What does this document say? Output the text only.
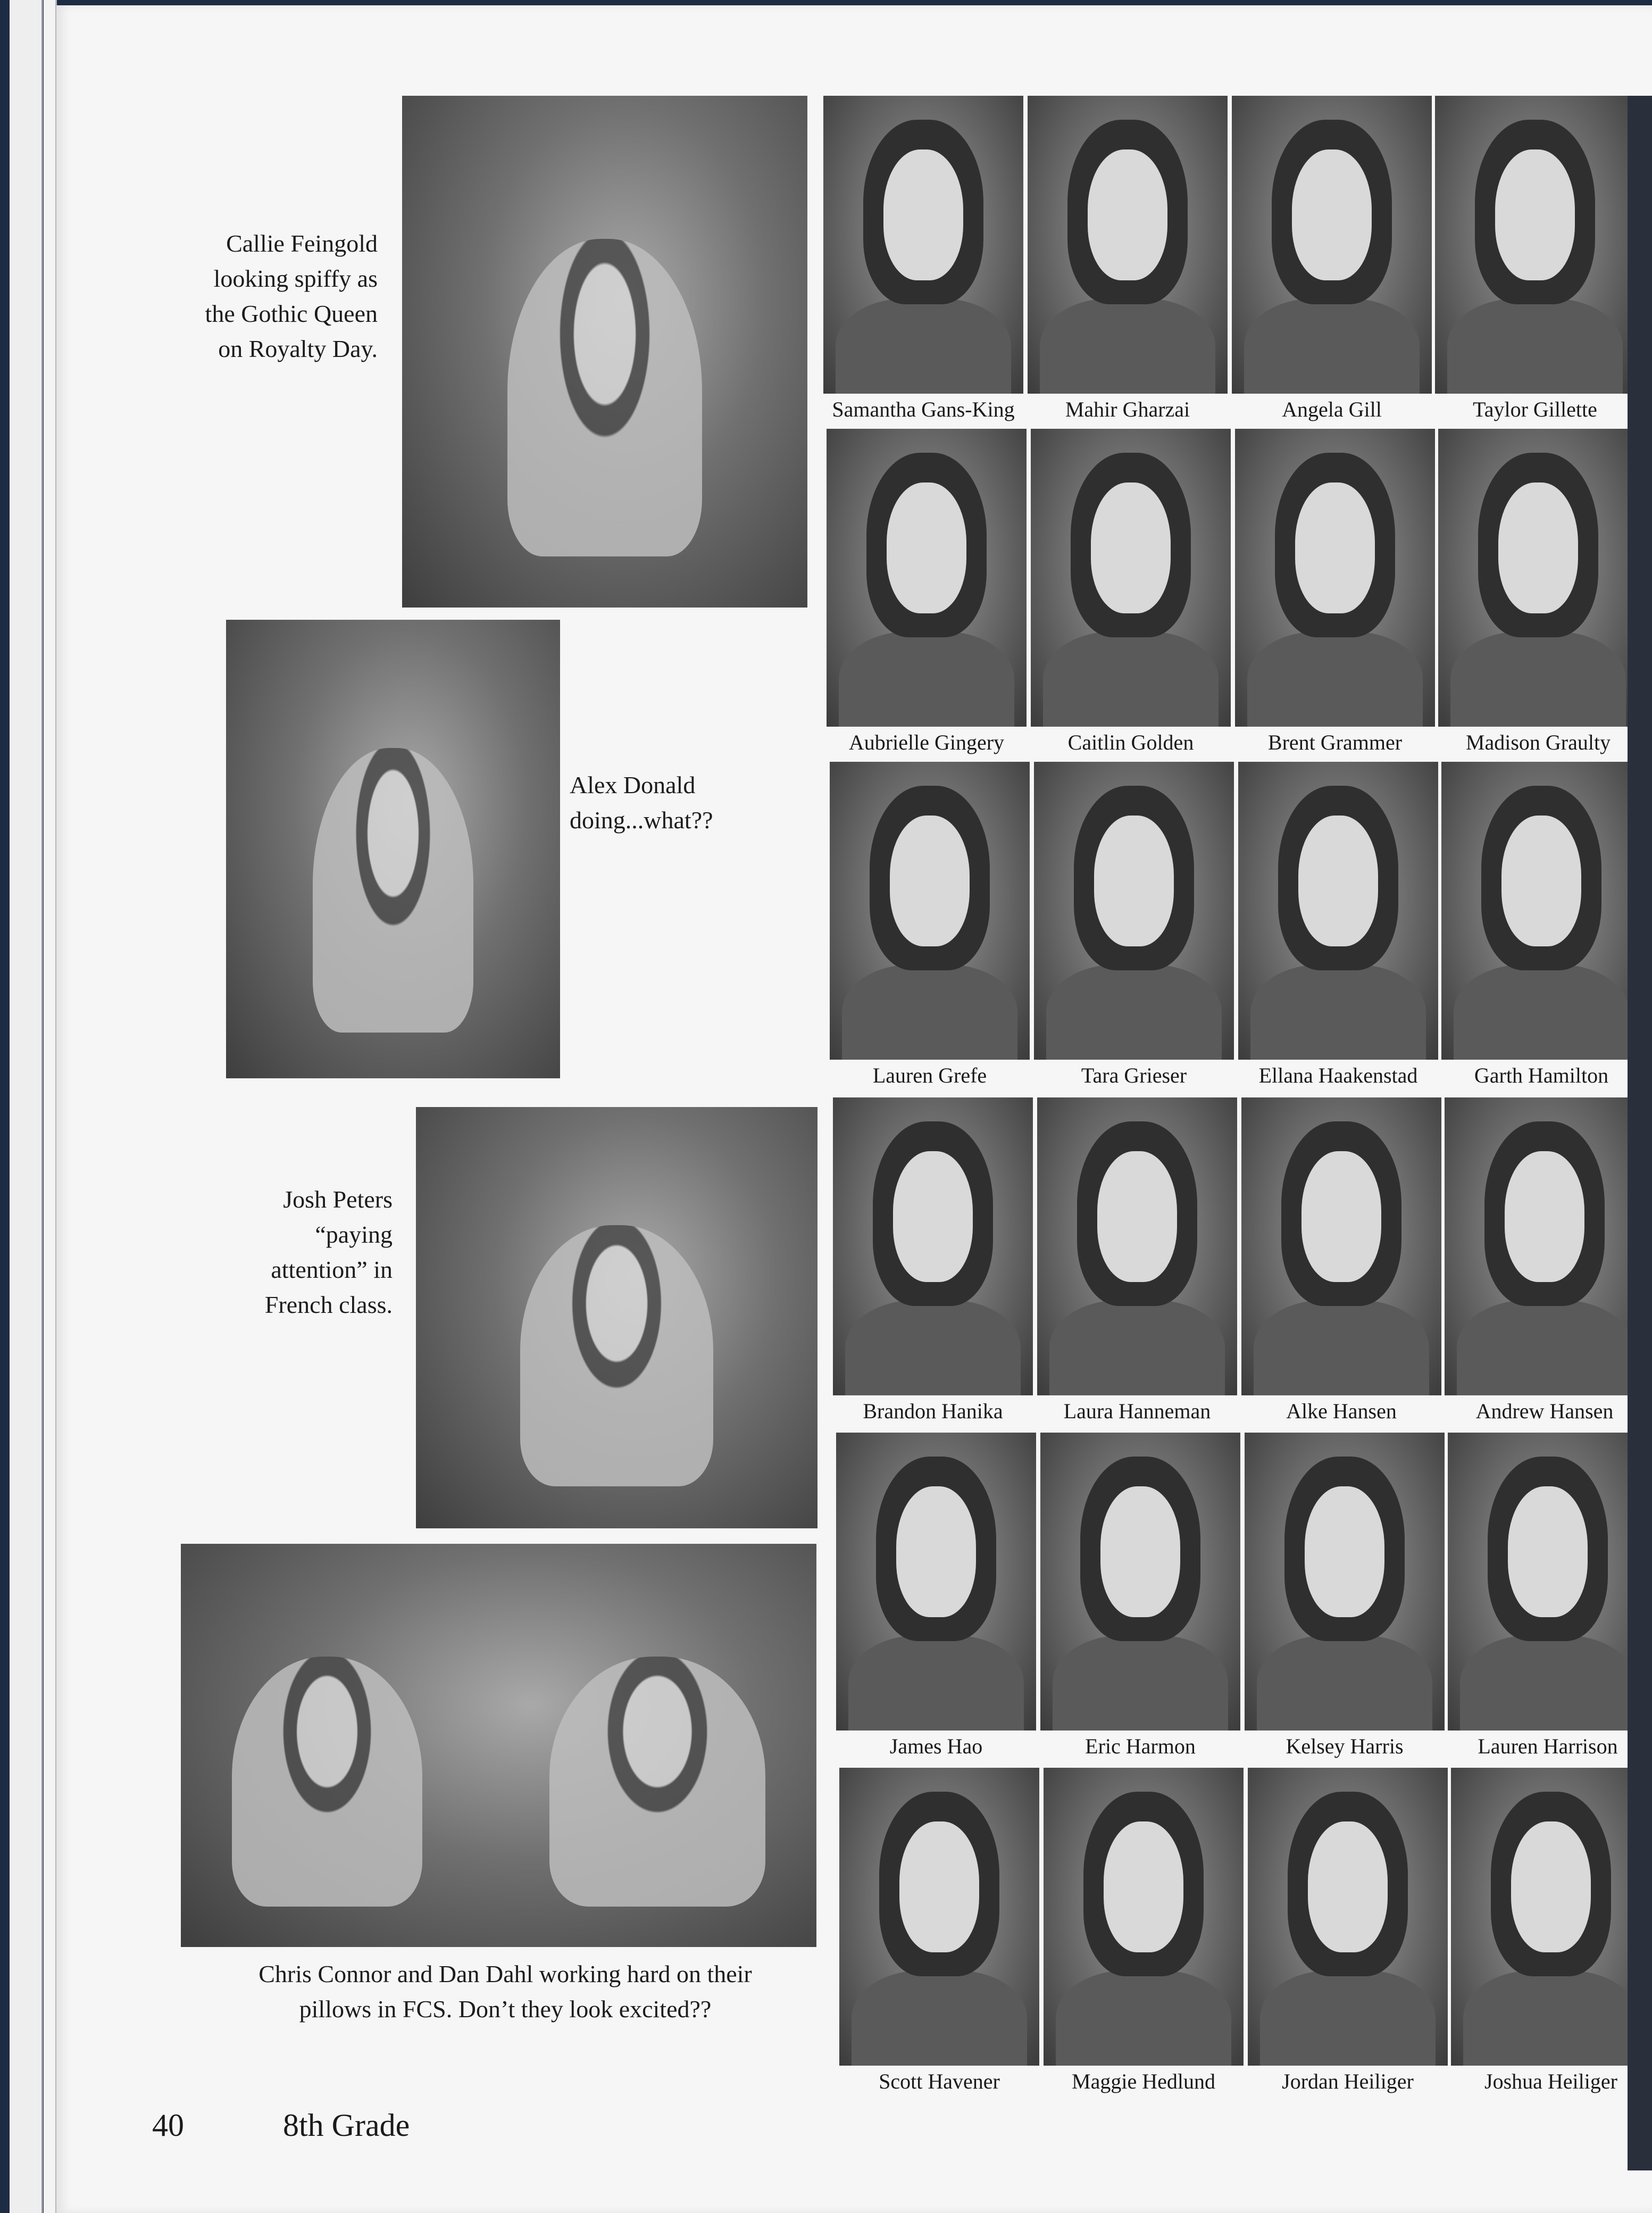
Callie Feingold
looking spiffy as
the Gothic Queen
on Royalty Day.
Alex Donald
doing...what??
Josh Peters
“paying
attention” in
French class.
Chris Connor and Dan Dahl working hard on their
pillows in FCS. Don’t they look excited??
Samantha Gans-King	Mahir Gharzai	Angela Gill	Taylor Gillette
Aubrielle Gingery	Caitlin Golden	Brent Grammer	Madison Graulty
Lauren Grefe	Tara Grieser	Ellana Haakenstad	Garth Hamilton
Brandon Hanika	Laura Hanneman	Alke Hansen	Andrew Hansen
James Hao	Eric Harmon	Kelsey Harris	Lauren Harrison
Scott Havener	Maggie Hedlund	Jordan Heiliger	Joshua Heiliger
40	8th Grade
